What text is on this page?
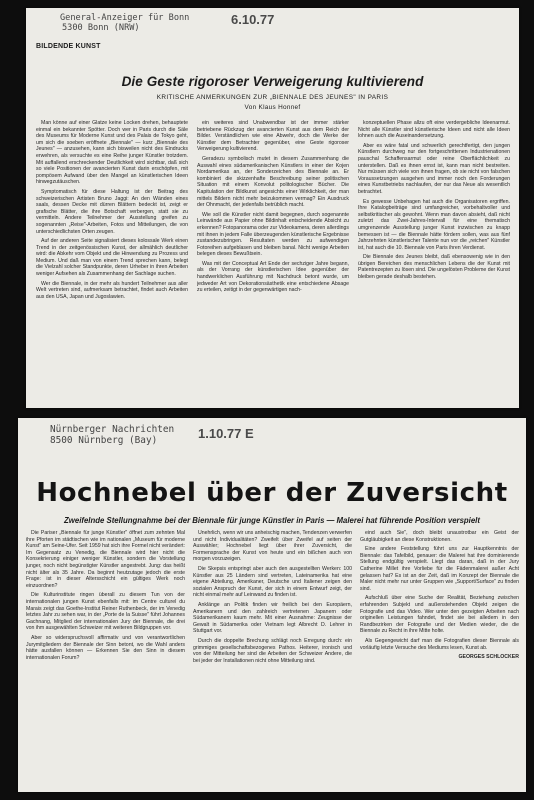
General-Anzeiger für Bonn
5300 Bonn (NRW)
6.10.77
BILDENDE KUNST
Die Geste rigoroser Verweigerung kultivierend
KRITISCHE ANMERKUNGEN ZUR „BIENNALE DES JEUNES" IN PARIS
Von Klaus Honnef

Man könne auf einer Glatze keine Locken drehen, behauptete einmal ein bekannter Spötter. Doch wer in Paris durch die Säle des Museums für Moderne Kunst und des Palais de Tokyo geht, um sich die soeben eröffnete „Biennale" — kurz „Biennale des Jeunes" — anzusehen, kann sich bisweilen nicht des Eindrucks erwehren, als versuchte es eine Reihe junger Künstler trotzdem. Mit auffallend erschreckender Deutlichkeit wird sichtbar, daß sich so viele Positionen der avancierten Kunst darin erschöpfen, mit pompösem Aufwand über den Mangel an künstlerischen Ideen hinwegzutäuschen.

Symptomatisch für diese Haltung ist der Beitrag des schweizerischen Artisten Bruno Jaggi: An den Wänden eines saals, dessen Decke mit dürren Blättern bedeckt ist, zeigt er grafische Blätter, die ihre Botschaft verbergen, statt sie zu vermitteln. Andere Teilnehmer der Ausstellung greifen zu sogenannten „Reise"-Arbeiten, Fotos und Mitteilungen, die von unterschiedlichsten Orten zeugen.

Auf der anderen Seite signalisiert dieses kolossale Werk einen Trend in der zeitgenössischen Kunst, der allmählich deutlicher wird: die Abkehr vom Objekt und die Hinwendung zu Prozess und Medium. Und daß man von einem Trend sprechen kann, belegt die Vielzahl solcher Standpunkte, deren Urheber in ihren Arbeiten weniger Aufsehen als Zusammenhang der Sachlage suchen.

Wer die Biennale, in der mehr als hundert Teilnehmer aus aller Welt vertreten sind, aufmerksam betrachtet, findet auch Arbeiten aus den USA, Japan und Jugoslawien.

ein weiteres sind Unabwendbar ist der immer stärker betriebene Rückzug der avancierten Kunst aus dem Reich der Bilder. Verständlichen wie eine Abwehr, doch die Werke der Künstler dem Betrachter gegenüber, eine Geste rigoroser Verweigerung kultivierend.

Geradezu symbolisch mutet in diesem Zusammenhang die Auswahl eines südamerikanischen Künstlers in einer der Kojen Nordamerikas an, der Sonderzeichen des Biennale an. Er kombiniert die skizzenhafte Beschreibung seiner politischen Situation mit einem Konvolut politologischer Bücher. Die Kapitulation der Bildkunst angesichts einer Wirklichkeit, der man mittels Bildern nicht mehr beizukommen vermag? Ein Ausdruck der Ohnmacht, der jedenfalls betrüblich macht.

Wie soll die Künstler nicht damit begegnen, durch sogenannte Leinwände aus Papier ohne Bildinhalt entscheidende Absicht zu erkennen? Fotopanorama oder zur Videokamera, deren allerdings mit ihnen in jedem Falle überzeugenden künstlerische Ergebnisse zustandezubringen. Resultaten werden zu aufwendigen Fotoreihen aufgeblasen und bleiben banal. Nicht wenige Arbeiten belegen dieses Bewußtsein.

Was mit der Conceptual Art Ende der sechziger Jahre begann, als der Vorrang der künstlerischen Idee gegenüber der handwerklichen Ausführung mit Nachdruck betont wurde, um jedweder Art von Dekorationsästhetik eine entschiedene Absage zu erteilen, zeitigt in der gegenwärtigen nach-

konzeptuellen Phase allzu oft eine verdergebliche Ideenarmut. Nicht alle Künstler sind künstlerische Ideen und nicht alle Ideen lohnen auch die Auseinandersetzung.

Aber es wäre fatal und schwerlich gerechtfertigt, den jungen Künstlern durchweg nur den fortgeschrittenen Industrienationen pauschal Schaffensarmut oder reine Oberflächlichkeit zu unterstellen. Daß es ihnen ernst ist, kann man nicht bestreiten. Nur müssen sich viele von ihnen fragen, ob sie nicht von falschen Voraussetzungen ausgehen und immer noch den Forderungen eines Kunstbetriebs nachlaufen, der nur das Neue als wesentlich betrachtet.

Es gewesse Unbehagen hat auch die Organisatoren ergriffen. Ihre Katalogbeiträge sind umfangreicher, vorbehaltvoller und selbstkritischer als gewohnt. Wenn man davon absieht, daß nicht zuletzt das Zwei-Jahres-Intervall für eine thematisch umgrenzende Ausstellung junger Kunst inzwischen zu knapp bemessen ist — die Biennale hätte fördern sollen, was aus fünf Jahrzehnten künstlerischer Talente nun vor die „reichen" Künstler ist, hat auch die 10. Biennale von Paris ihren Verdienst.

Die Biennale des Jeunes bleibt, daß ebensowenig wie in den übrigen Bereichen des menschlichen Lebens die der Kunst mit Patentrezepten zu lösen sind. Die ungelösten Probleme der Kunst bleiben gerade deshalb bestehen.

Nürnberger Nachrichten
8500 Nürnberg (Bay)	1.10.77 E
Hochnebel über der Zuversicht
Zweifelnde Stellungnahme bei der Biennale für junge Künstler in Paris — Malerei hat führende Position verspielt

Die Pariser „Biennale für junge Künstler" öffnet zum zehnten Mal ihre Pforten im städtischen wie im nationalen „Museum für moderne Kunst" am Seine-Ufer. Seit 1959 hat sich ihre Formel nicht verändert: Im Gegensatz zu Venedig, die Biennale wird hier nicht die Konsekrierung einiger weniger Künstler, sondern die Vorstellung junger, noch nicht begünstigter Künstler angestrebt. Jung: das heißt nicht älter als 35 Jahre. Da beginnt heutzutage jedoch die erste Frage: ist in dieser Altersschicht ein gültiges Werk noch einzuordnen?

Die Kulturinstitute ringen überall zu diesem Tun von der internationalen jungen Kunst ebenfalls mit: im Centre culturel du Marais zeigt das Goethe-Institut Reiner Ruthenbeck, der im Venedig letztes Jahr zu sehen war, in der „Porte de la Suisse" führt Johannes Gachnang, Mitglied der internationalen Jury der Biennale, die drei von ihm ausgewählten Schweizer mit weiteren Bildgruppen vor.

Aber so widerspruchsvoll affirmativ und von verantwortlichen Jurymitgliedern der Biennale der Sinn betont, wo die Wahl anders hätte ausfallen können — Erkennen Sie den Sinn in diesem internationalen Forum?

Unehrlich, wenn wir uns anheischig machen, Tendenzen verwerfen und nicht Individualitäten? Zweifelt über Zweifel auf seiten der Auswähler; Hochnebel liegt über ihrer Zuversicht, die Formensprache der Kunst von heute und ein bißchen auch von morgen vorzuzeigen.

Die Skepsis entspringt aber auch den ausgestellten Werken: 100 Künstler aus 25 Ländern sind vertreten, Lateinamerika hat eine eigene Abteilung, Amerikaner, Deutsche und Italiener zeigen den sozialen Anspruch der Kunst, der sich in einem Entwurf zeigt, der nicht einmal mehr auf Leinwand zu finden ist.

Anklänge an Politik finden wir freilich bei den Europäern, Amerikanern und den zahlreich vertretenen Japanern oder Südamerikanern kaum mehr. Mit einer Ausnahme: Zeugnisse der Gewalt in Südamerika oder Vietnam legt Albrecht D. Lehrer in Stuttgart vor.

Durch die doppelte Brechung schlägt noch Erregung durch: ein grimmiges gesellschaftsbezogenes Pathos. Heiterer, ironisch und von der Mitteilung her sind die Arbeiten der Schweizer Andere, die bei jeder der Installationen nicht ohne Mitteilung sind.

eind auch Sie", doch bleibt unaustrotbar ein Geist der Gutgläubigkeit an diese Konstruktionen.

Eine andere Feststellung führt uns zur Hauptkenntnis der Biennale: das Tafelbild, genauer: die Malerei hat ihre dominierende Stellung endgültig verspielt. Liegt das daran, daß in der Jury Catherine Millet ihre Vorliebe für die Fädenmalerei außer Acht gelassen hat? Es ist an der Zeit, daß im Konzept der Biennale die Maler nicht mehr nur unter Gruppen wie „Support/Surface" zu finden sind.

Aufschluß über eine Suche der Realität, Beziehung zwischen erfahrenden Subjekt und außenstehenden Objekt zeigen die Fotografie und das Video. Wer unter den gezeigten Arbeiten nach originellen Leistungen fahndet, findet sie bei alledem in den Randbezirken der Fotografie und der Medien wieder, die die Biennale zu Recht in ihre Mitte holte.

Als Gegengewicht darf man die Fotografien dieser Biennale als vorläufig letzte Versuche des Mediums lesen, Kunst ab.

GEORGES SCHLOCKER
